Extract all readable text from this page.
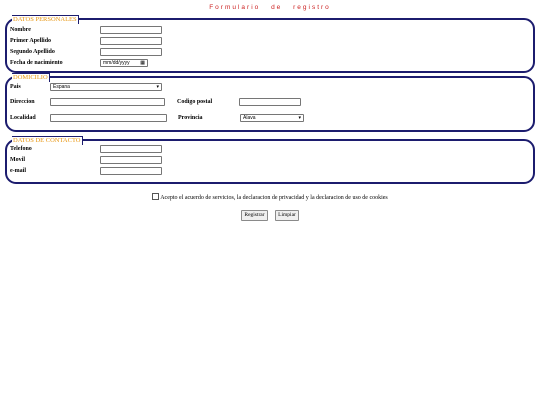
Formulario de registro
DATOS PERSONALES
Nombre
Primer Apellido
Segundo Apellido
Fecha de nacimiento	mm/dd/yyyy ▦
DOMICILIO
Pais	Espana	▾
Direccion	Codigo postal
Localidad	Provincia	Alava	▾
DATOS DE CONTACTO
Telefono
Movil
e-mail
Acepto el acuerdo de servicios, la declaracion de privacidad y la declaracion de uso de cookies
Registrar	Limpiar
